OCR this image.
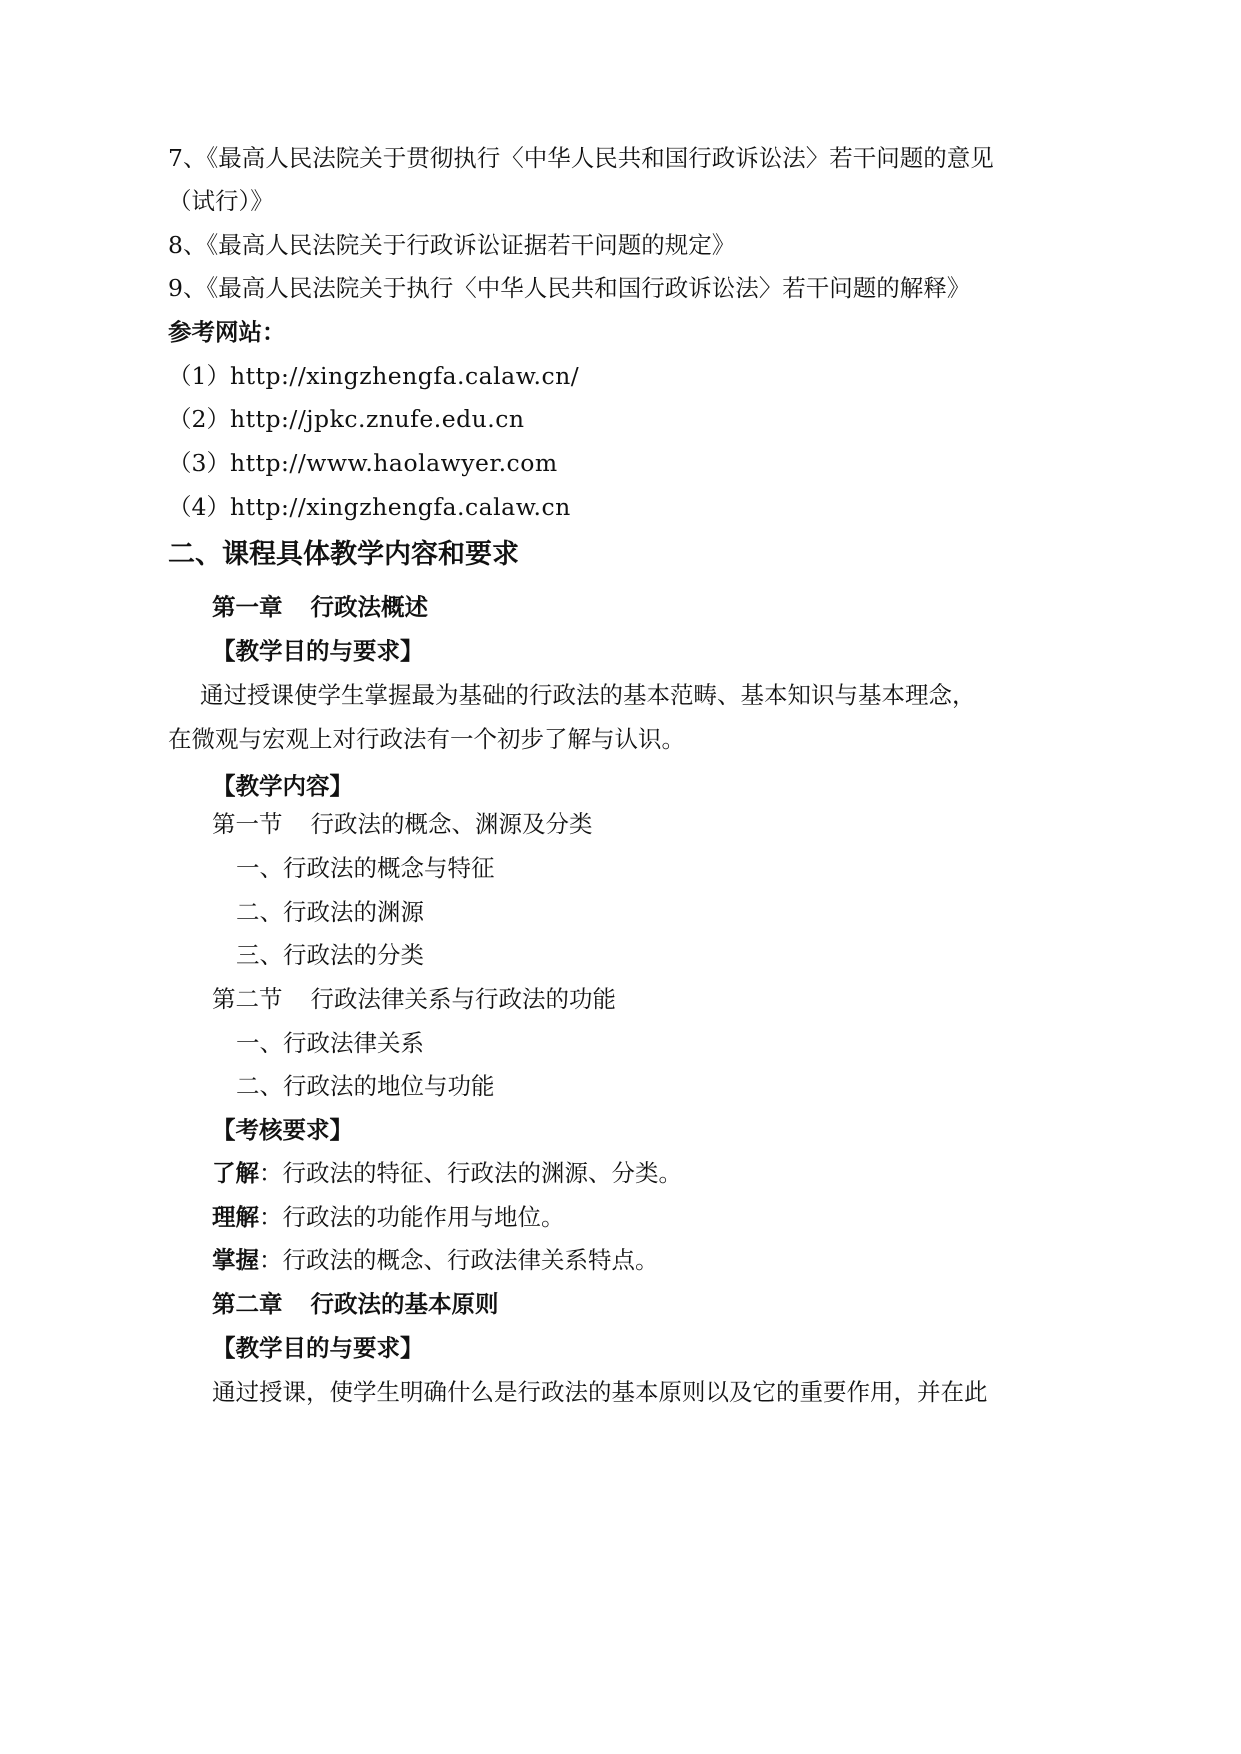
7、《最高人民法院关于贯彻执行〈中华人民共和国行政诉讼法〉若干问题的意见
（试行）》
8、《最高人民法院关于行政诉讼证据若干问题的规定》
9、《最高人民法院关于执行〈中华人民共和国行政诉讼法〉若干问题的解释》
参考网站：
（1）http://xingzhengfa.calaw.cn/
（2）http://jpkc.znufe.edu.cn
（3）http://www.haolawyer.com
（4）http://xingzhengfa.calaw.cn
二、课程具体教学内容和要求
第一章 行政法概述
【教学目的与要求】
通过授课使学生掌握最为基础的行政法的基本范畴、基本知识与基本理念，
在微观与宏观上对行政法有一个初步了解与认识。
【教学内容】
第一节 行政法的概念、渊源及分类
一、行政法的概念与特征
二、行政法的渊源
三、行政法的分类
第二节 行政法律关系与行政法的功能
一、行政法律关系
二、行政法的地位与功能
【考核要求】
了解：行政法的特征、行政法的渊源、分类。
理解：行政法的功能作用与地位。
掌握：行政法的概念、行政法律关系特点。
第二章 行政法的基本原则
【教学目的与要求】
通过授课，使学生明确什么是行政法的基本原则以及它的重要作用，并在此
